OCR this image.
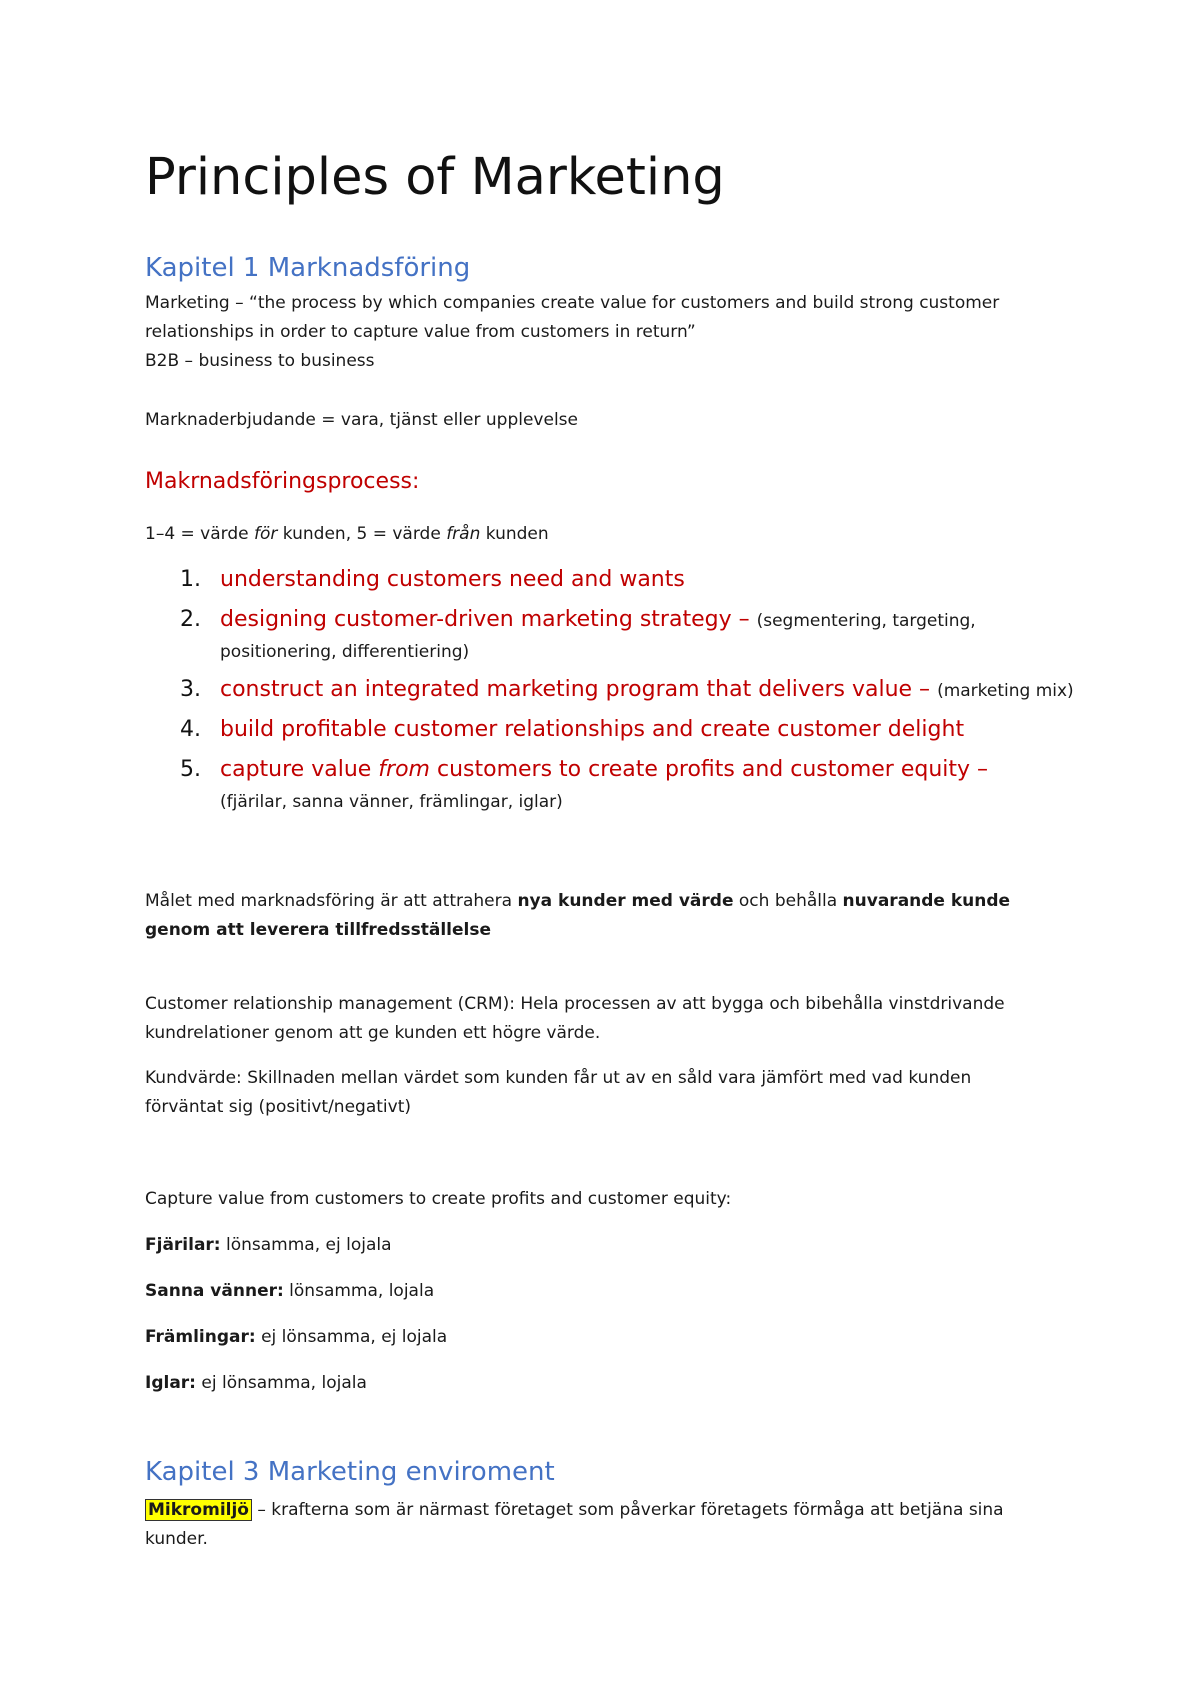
Principles of Marketing
Kapitel 1 Marknadsföring
Marketing – “the process by which companies create value for customers and build strong customer
relationships in order to capture value from customers in return”
B2B – business to business
Marknaderbjudande = vara, tjänst eller upplevelse
Makrnadsföringsprocess:
1–4 = värde för kunden, 5 = värde från kunden
1. understanding customers need and wants
2. designing customer-driven marketing strategy – (segmentering, targeting, positionering, differentiering)
3. construct an integrated marketing program that delivers value – (marketing mix)
4. build profitable customer relationships and create customer delight
5. capture value from customers to create profits and customer equity –
(fjärilar, sanna vänner, främlingar, iglar)
Målet med marknadsföring är att attrahera nya kunder med värde och behålla nuvarande kunde
genom att leverera tillfredsställelse
Customer relationship management (CRM): Hela processen av att bygga och bibehålla vinstdrivande
kundrelationer genom att ge kunden ett högre värde.
Kundvärde: Skillnaden mellan värdet som kunden får ut av en såld vara jämfört med vad kunden
förväntat sig (positivt/negativt)
Capture value from customers to create profits and customer equity:
Fjärilar: lönsamma, ej lojala
Sanna vänner: lönsamma, lojala
Främlingar: ej lönsamma, ej lojala
Iglar: ej lönsamma, lojala
Kapitel 3 Marketing enviroment
Mikromiljö – krafterna som är närmast företaget som påverkar företagets förmåga att betjäna sina
kunder.
